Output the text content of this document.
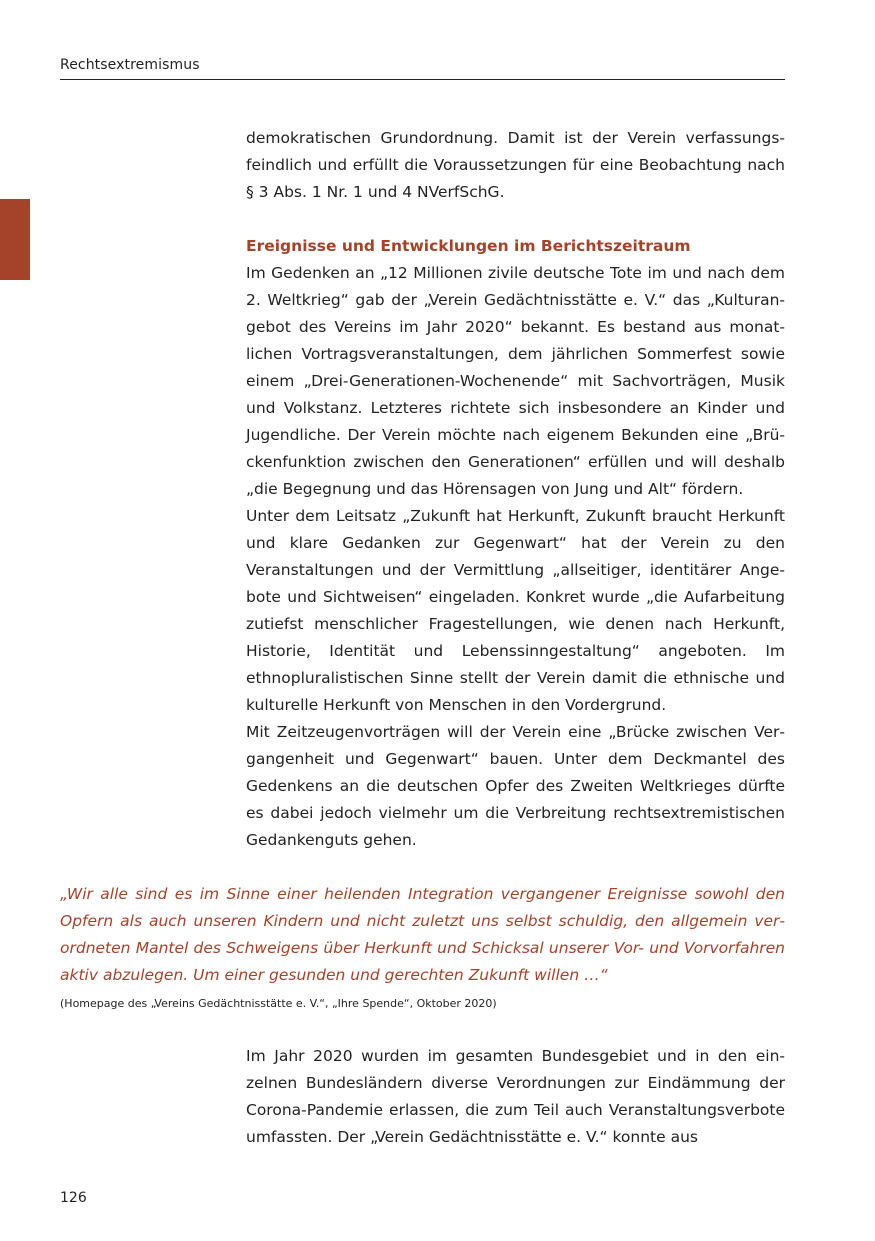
Rechtsextremismus

demokratischen Grundordnung. Damit ist der Verein verfassungsfeindlich und erfüllt die Voraussetzungen für eine Beobachtung nach § 3 Abs. 1 Nr. 1 und 4 NVerfSchG.

Ereignisse und Entwicklungen im Berichtszeitraum

Im Gedenken an „12 Millionen zivile deutsche Tote im und nach dem 2. Weltkrieg“ gab der „Verein Gedächtnisstätte e. V.“ das „Kulturangebot des Vereins im Jahr 2020“ bekannt. Es bestand aus monatlichen Vortragsveranstaltungen, dem jährlichen Sommerfest sowie einem „Drei-Generationen-Wochenende“ mit Sachvorträgen, Musik und Volkstanz. Letzteres richtete sich insbesondere an Kinder und Jugendliche. Der Verein möchte nach eigenem Bekunden eine „Brückenfunktion zwischen den Generationen“ erfüllen und will deshalb „die Begegnung und das Hörensagen von Jung und Alt“ fördern.

Unter dem Leitsatz „Zukunft hat Herkunft, Zukunft braucht Herkunft und klare Gedanken zur Gegenwart“ hat der Verein zu den Veranstaltungen und der Vermittlung „allseitiger, identitärer Angebote und Sichtweisen“ eingeladen. Konkret wurde „die Aufarbeitung zutiefst menschlicher Fragestellungen, wie denen nach Herkunft, Historie, Identität und Lebenssinngestaltung“ angeboten. Im ethnopluralistischen Sinne stellt der Verein damit die ethnische und kulturelle Herkunft von Menschen in den Vordergrund.

Mit Zeitzeugenvorträgen will der Verein eine „Brücke zwischen Vergangenheit und Gegenwart“ bauen. Unter dem Deckmantel des Gedenkens an die deutschen Opfer des Zweiten Weltkrieges dürfte es dabei jedoch vielmehr um die Verbreitung rechtsextremistischen Gedankenguts gehen.

„Wir alle sind es im Sinne einer heilenden Integration vergangener Ereignisse sowohl den Opfern als auch unseren Kindern und nicht zuletzt uns selbst schuldig, den allgemein verordneten Mantel des Schweigens über Herkunft und Schicksal unserer Vor- und Vorvorfahren aktiv abzulegen. Um einer gesunden und gerechten Zukunft willen …“

(Homepage des „Vereins Gedächtnisstätte e. V.“, „Ihre Spende“, Oktober 2020)

Im Jahr 2020 wurden im gesamten Bundesgebiet und in den einzelnen Bundesländern diverse Verordnungen zur Eindämmung der Corona-Pandemie erlassen, die zum Teil auch Veranstaltungsverbote umfassten. Der „Verein Gedächtnisstätte e. V.“ konnte aus

126
